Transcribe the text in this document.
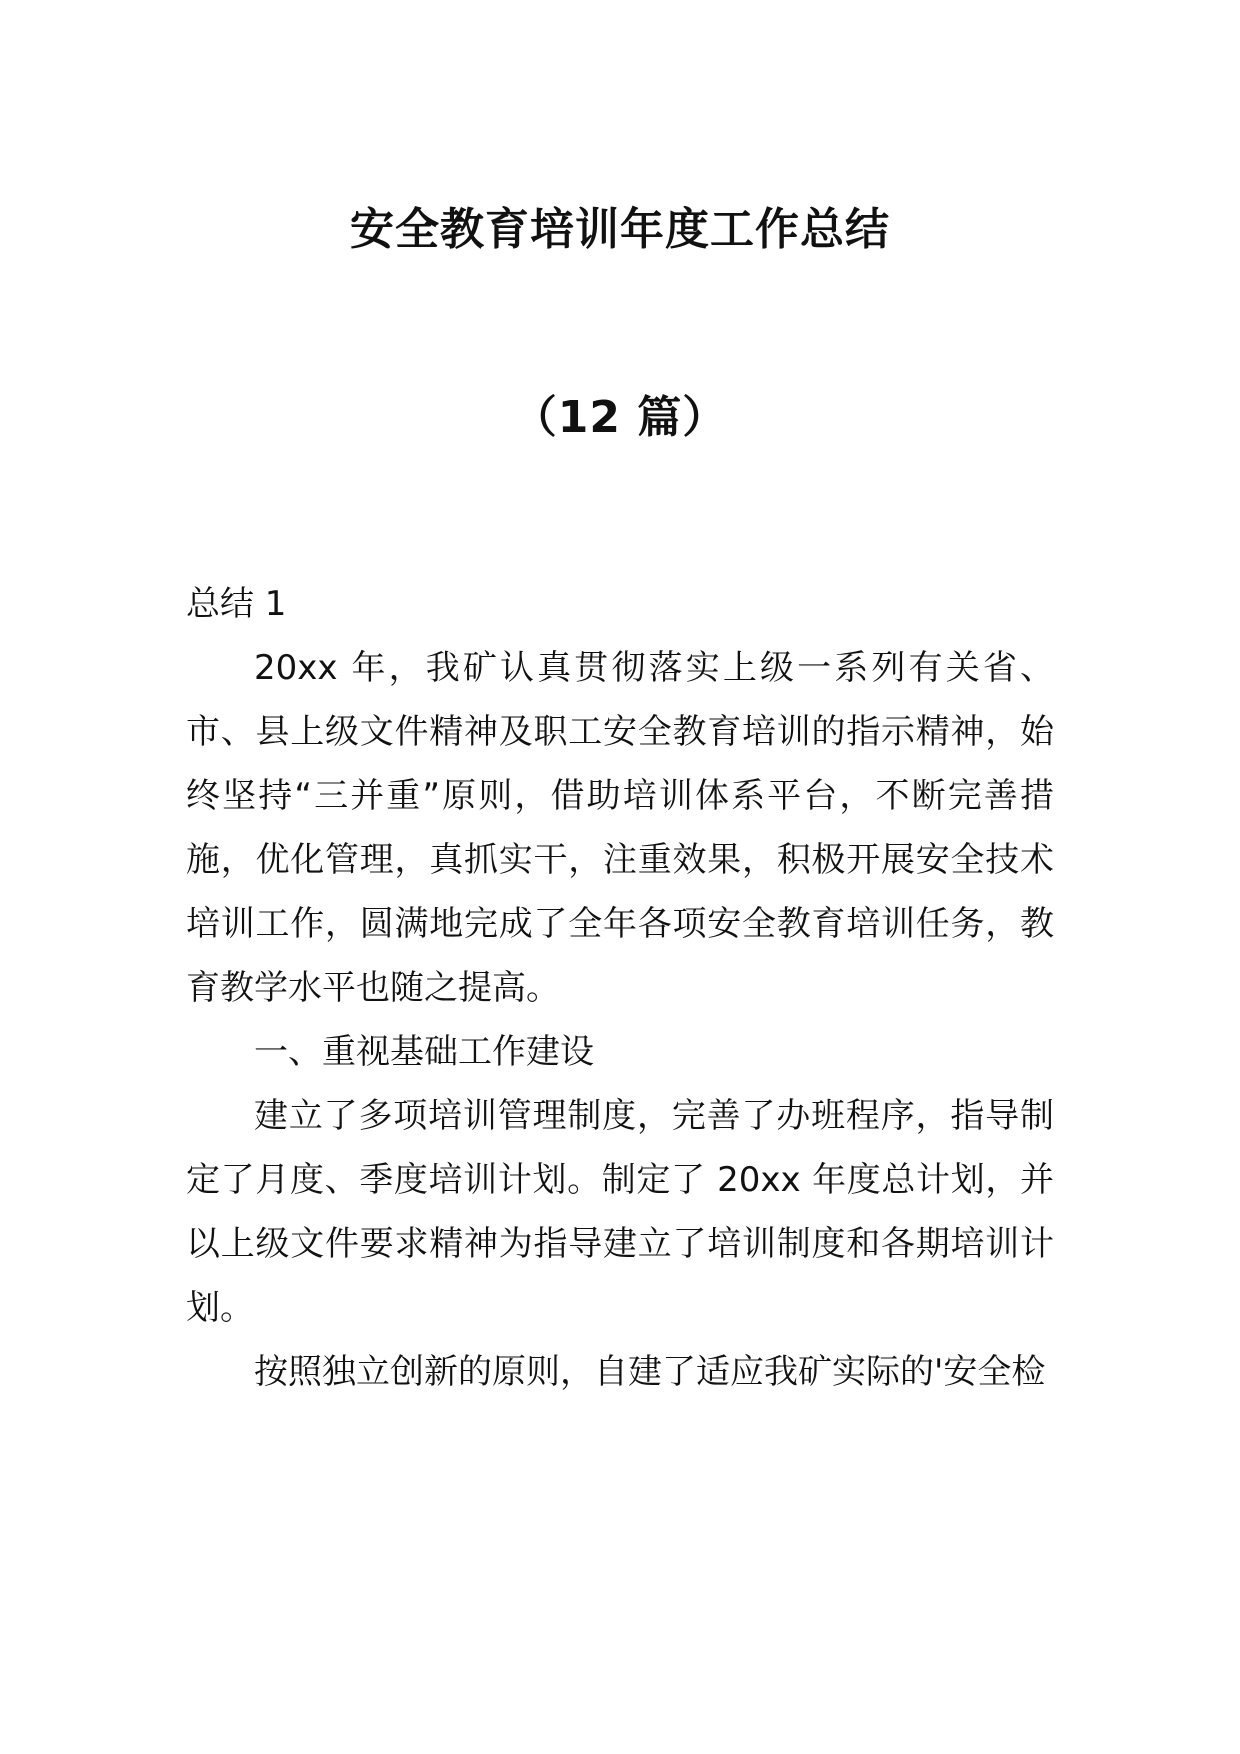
安全教育培训年度工作总结
（12 篇）

总结 1

20xx 年，我矿认真贯彻落实上级一系列有关省、市、县上级文件精神及职工安全教育培训的指示精神，始终坚持“三并重”原则，借助培训体系平台，不断完善措施，优化管理，真抓实干，注重效果，积极开展安全技术培训工作，圆满地完成了全年各项安全教育培训任务，教育教学水平也随之提高。

一、重视基础工作建设

建立了多项培训管理制度，完善了办班程序，指导制定了月度、季度培训计划。制定了 20xx 年度总计划，并以上级文件要求精神为指导建立了培训制度和各期培训计划。

按照独立创新的原则，自建了适应我矿实际的'安全检
